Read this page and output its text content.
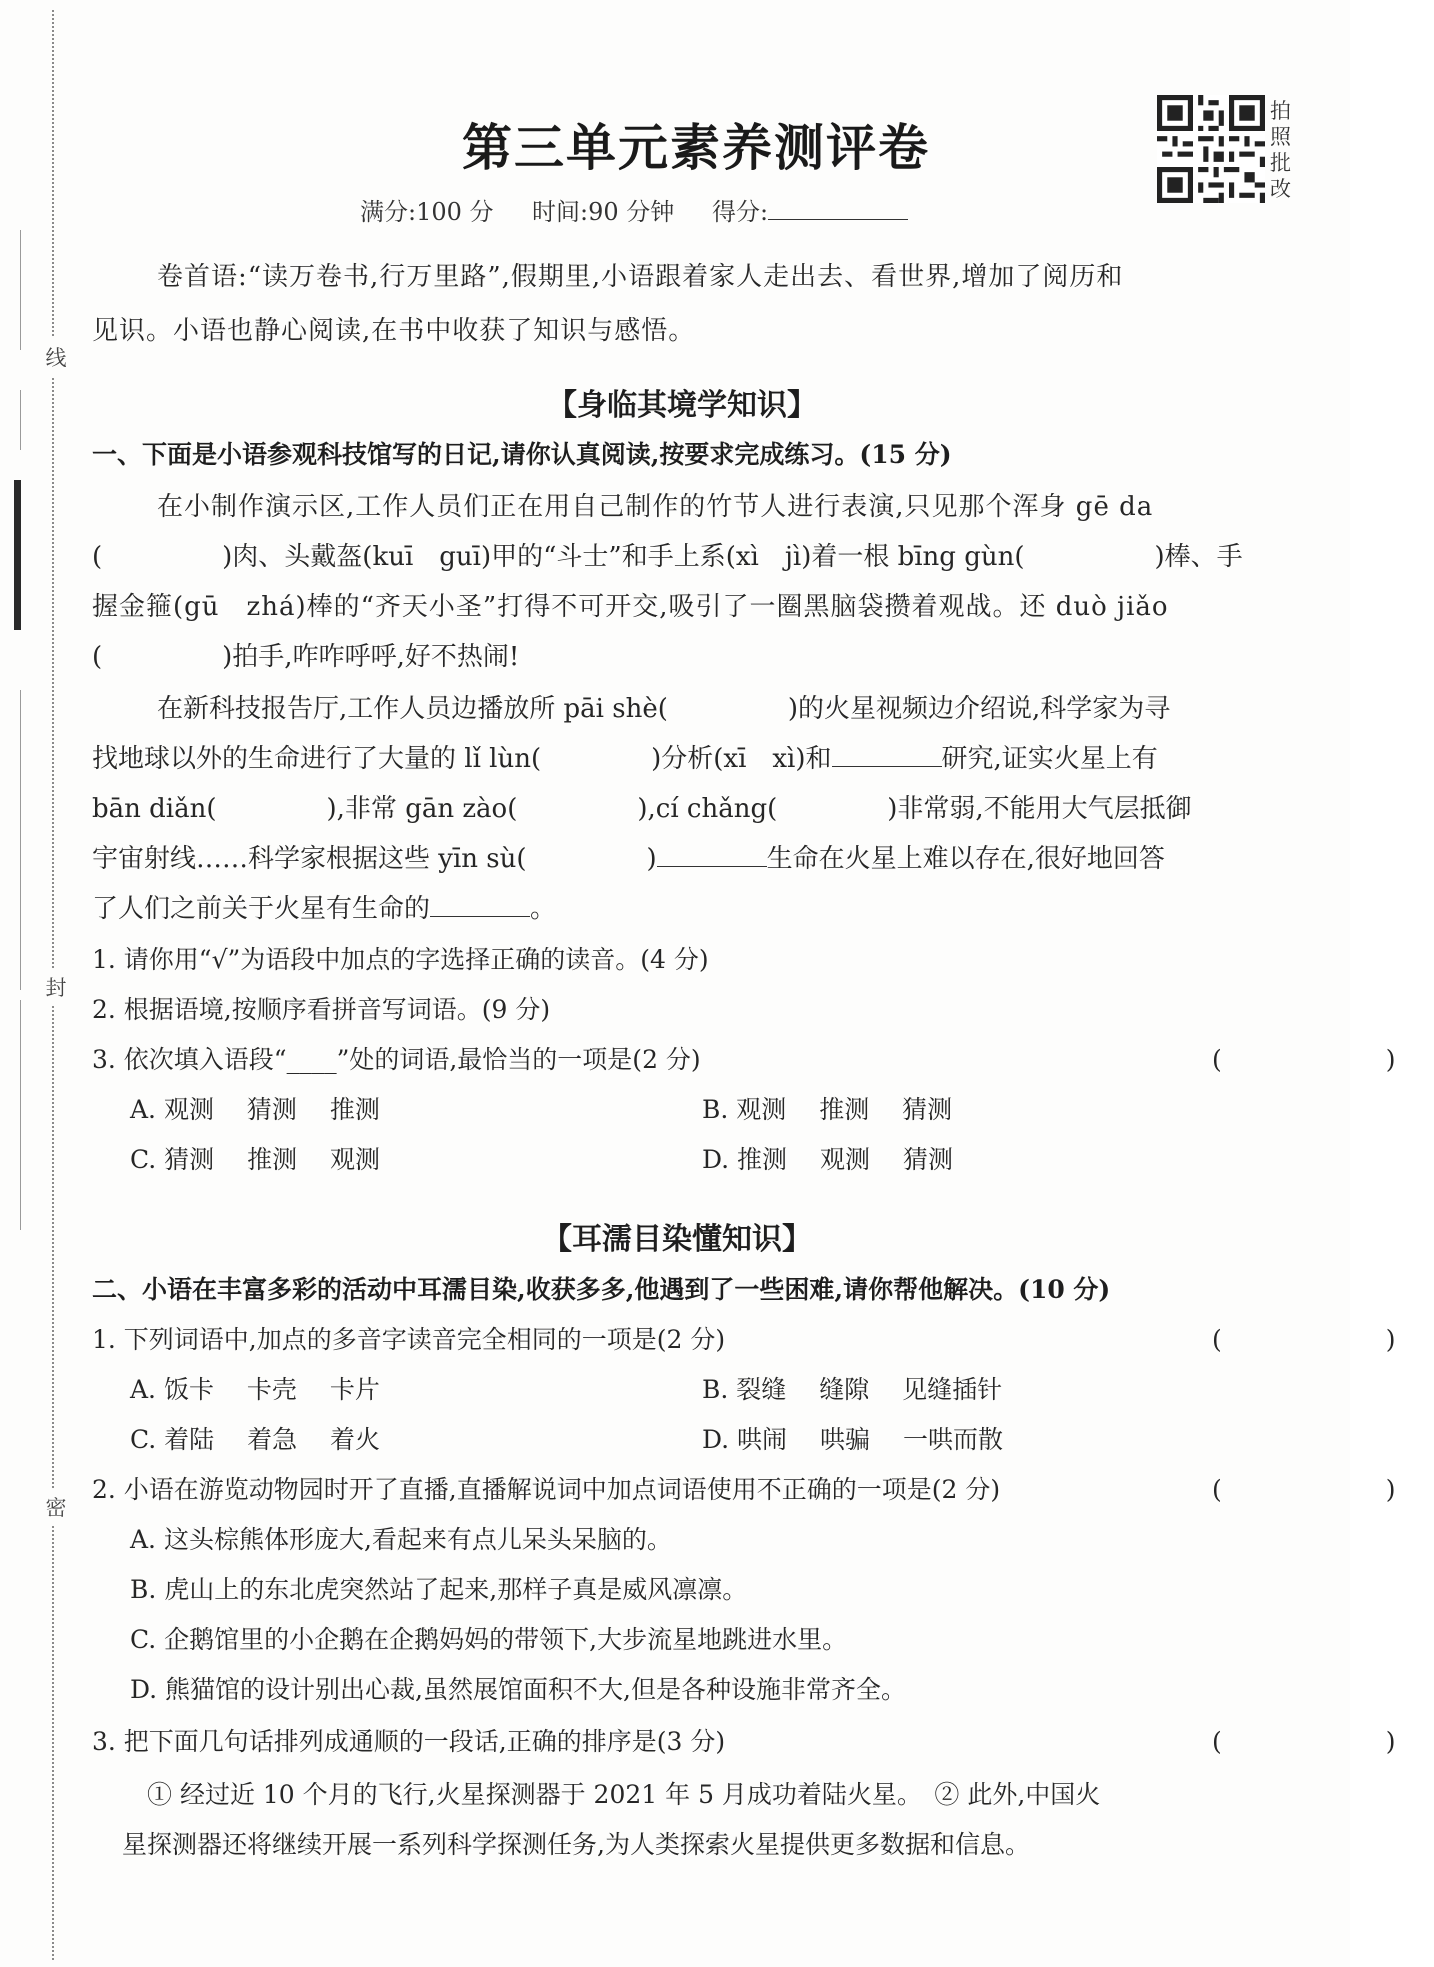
线
封
密
第三单元素养测评卷
拍照批改
满分:100 分 时间:90 分钟 得分:
卷首语:“读万卷书,行万里路”,假期里,小语跟着家人走出去、看世界,增加了阅历和
见识。小语也静心阅读,在书中收获了知识与感悟。
【身临其境学知识】
一、下面是小语参观科技馆写的日记,请你认真阅读,按要求完成练习。(15 分)
在小制作演示区,工作人员们正在用自己制作的竹节人进行表演,只见那个浑身 gē da
(	)肉、头戴盔(kuī　guī)甲的“斗士”和手上系(xì　jì)着一根 bīng gùn(	)棒、手
握金箍(gū　zhá)棒的“齐天小圣”打得不可开交,吸引了一圈黑脑袋攒着观战。还 duò jiǎo
(	)拍手,咋咋呼呼,好不热闹!
在新科技报告厅,工作人员边播放所 pāi shè(	)的火星视频边介绍说,科学家为寻
找地球以外的生命进行了大量的 lǐ lùn(	)分析(xī　xì)和	研究,证实火星上有
bān diǎn(	),非常 gān zào(	),cí chǎng(	)非常弱,不能用大气层抵御
宇宙射线……科学家根据这些 yīn sù(	)	生命在火星上难以存在,很好地回答
了人们之前关于火星有生命的	。
1. 请你用“√”为语段中加点的字选择正确的读音。(4 分)
2. 根据语境,按顺序看拼音写词语。(9 分)
3. 依次填入语段“____”处的词语,最恰当的一项是(2 分)	(　　)
A. 观测　 猜测　 推测	B. 观测　 推测　 猜测
C. 猜测　 推测　 观测	D. 推测　 观测　 猜测
【耳濡目染懂知识】
二、小语在丰富多彩的活动中耳濡目染,收获多多,他遇到了一些困难,请你帮他解决。(10 分)
1. 下列词语中,加点的多音字读音完全相同的一项是(2 分)	(　　)
A. 饭卡　 卡壳　 卡片	B. 裂缝　 缝隙　 见缝插针
C. 着陆　 着急　 着火	D. 哄闹　 哄骗　 一哄而散
2. 小语在游览动物园时开了直播,直播解说词中加点词语使用不正确的一项是(2 分)	(　　)
A. 这头棕熊体形庞大,看起来有点儿呆头呆脑的。
B. 虎山上的东北虎突然站了起来,那样子真是威风凛凛。
C. 企鹅馆里的小企鹅在企鹅妈妈的带领下,大步流星地跳进水里。
D. 熊猫馆的设计别出心裁,虽然展馆面积不大,但是各种设施非常齐全。
3. 把下面几句话排列成通顺的一段话,正确的排序是(3 分)	(　　)
① 经过近 10 个月的飞行,火星探测器于 2021 年 5 月成功着陆火星。　② 此外,中国火
星探测器还将继续开展一系列科学探测任务,为人类探索火星提供更多数据和信息。
